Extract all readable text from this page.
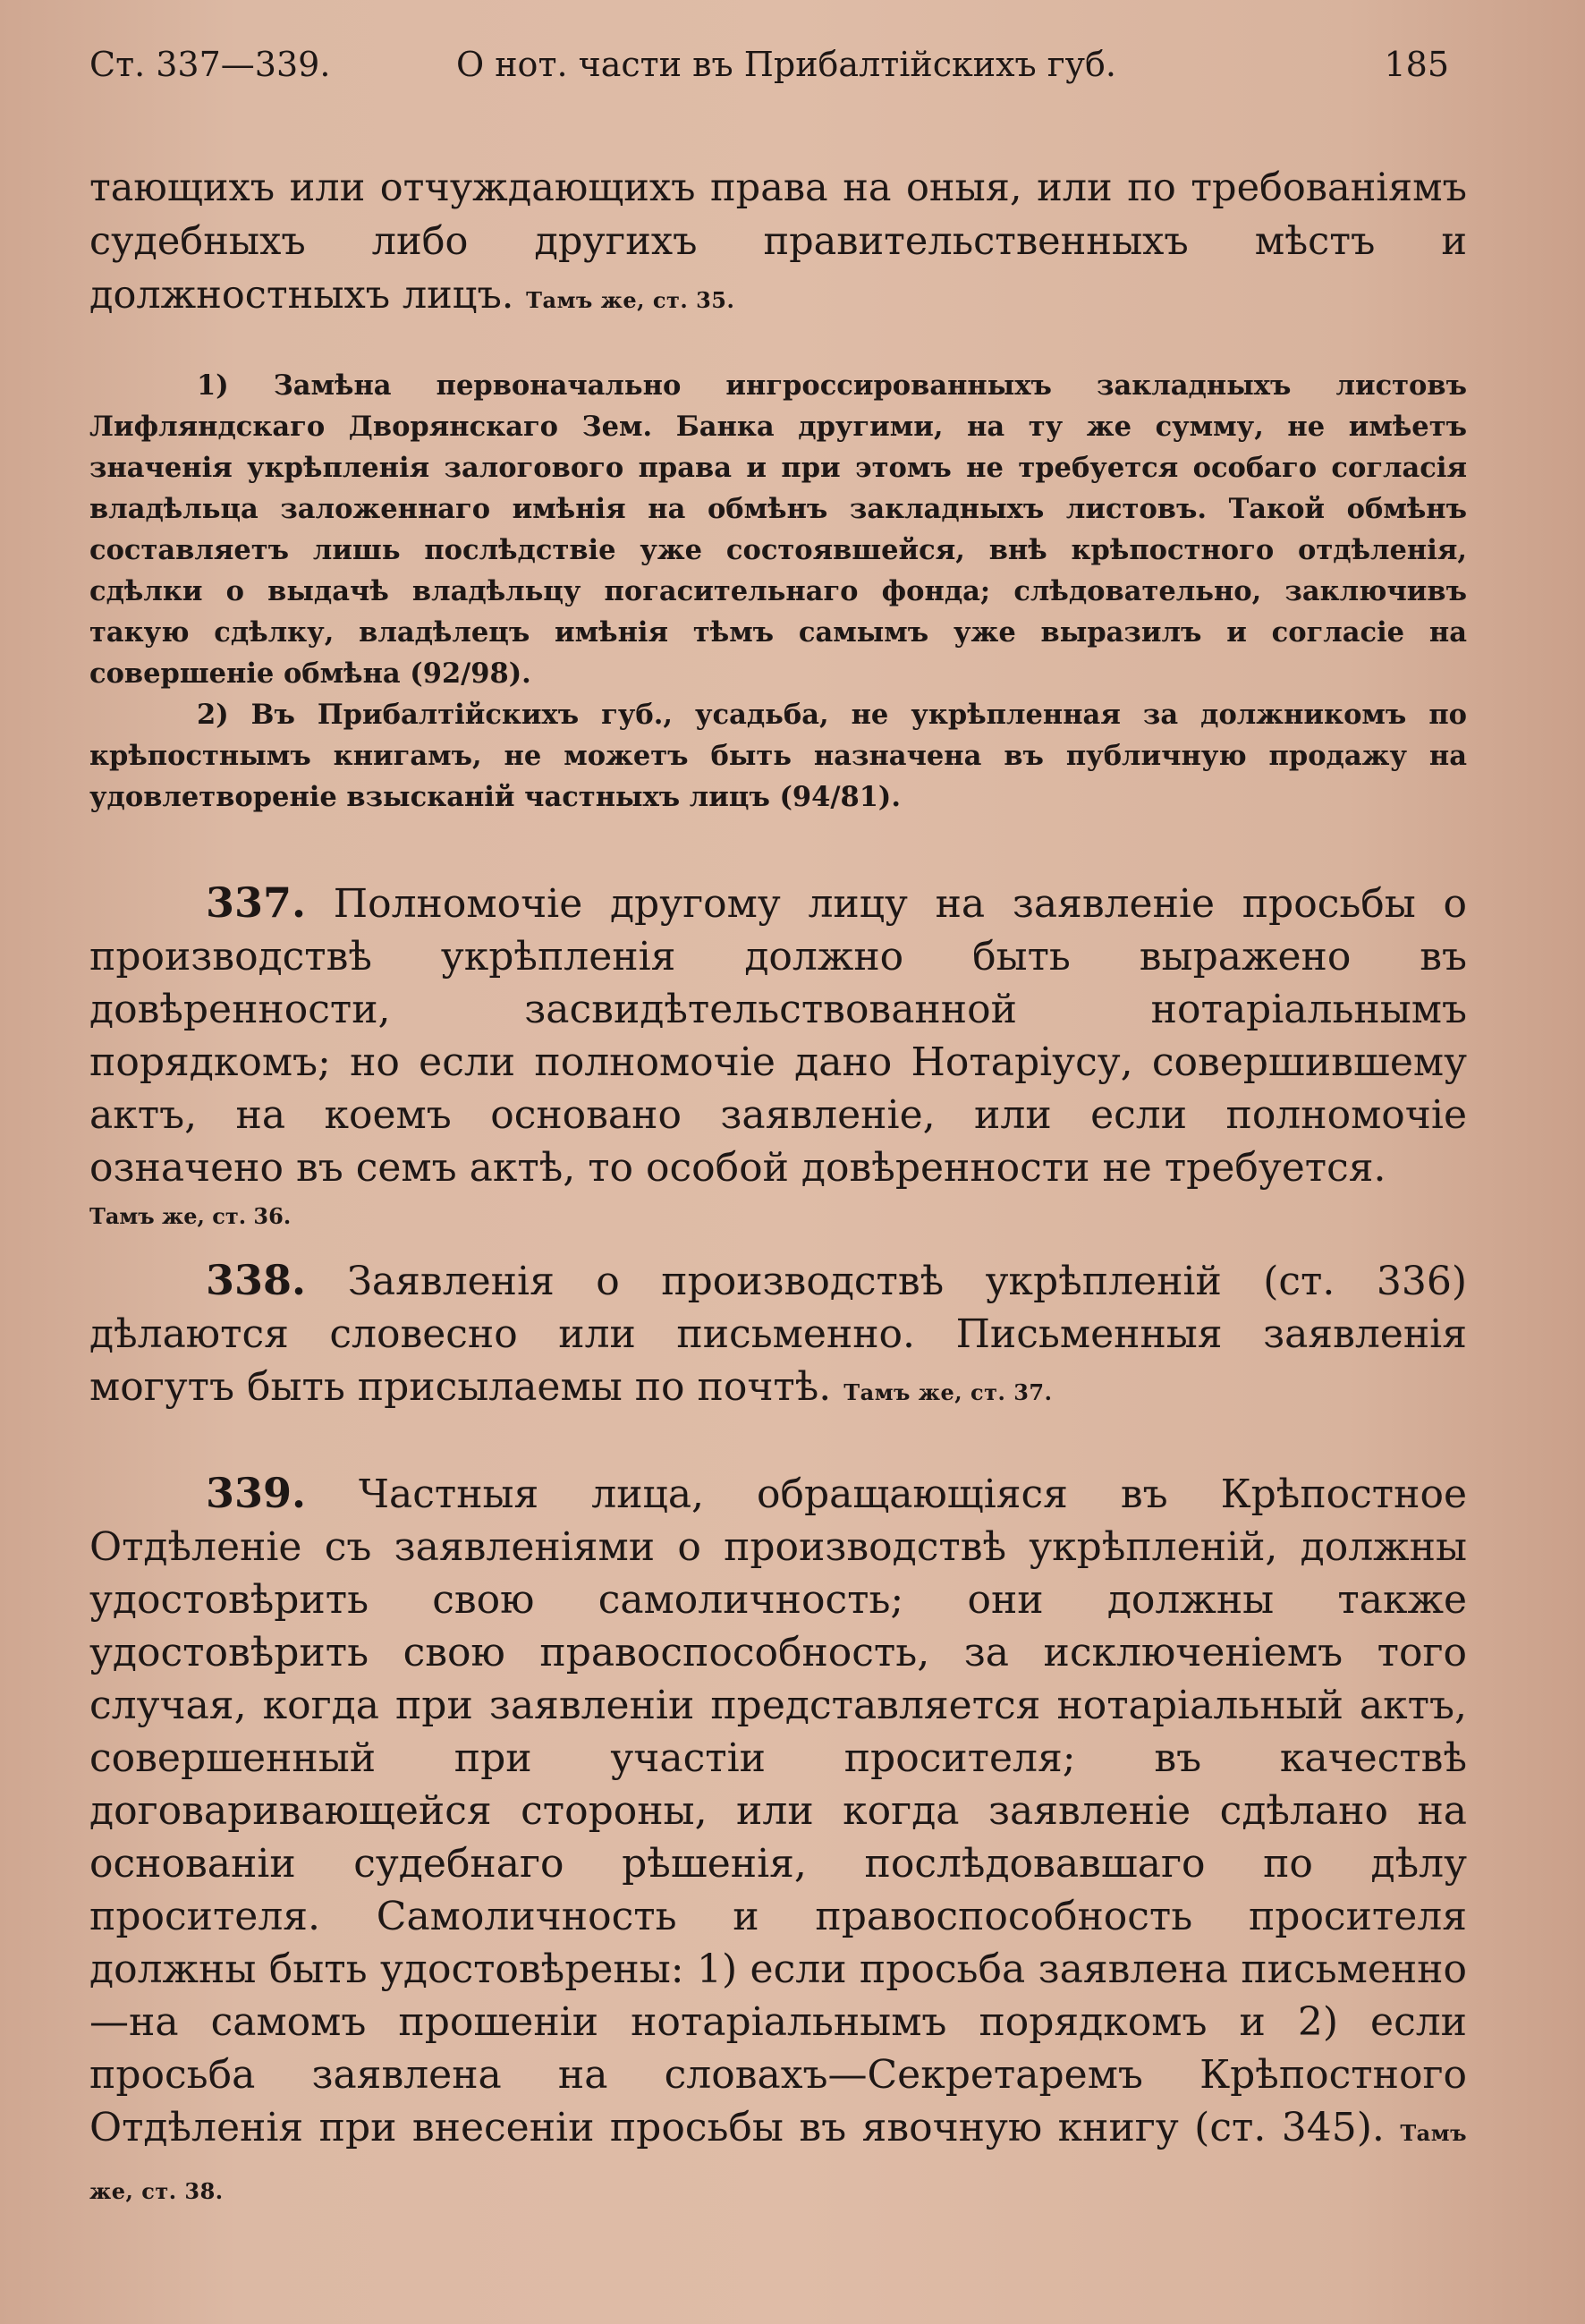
Ст. 337—339.	О нот. части въ Прибалтійскихъ губ.	185
тающихъ или отчуждающихъ права на оныя, или по требованіямъ судебныхъ либо другихъ правительственныхъ мѣстъ и должностныхъ лицъ. Тамъ же, ст. 35.

1) Замѣна первоначально ингроссированныхъ закладныхъ листовъ Лифляндскаго Дворянскаго Зем. Банка другими, на ту же сумму, не имѣетъ значенія укрѣпленія залогового права и при этомъ не требуется особаго согласія владѣльца заложеннаго имѣнія на обмѣнъ закладныхъ листовъ. Такой обмѣнъ составляетъ лишь послѣдствіе уже состоявшейся, внѣ крѣпостного отдѣленія, сдѣлки о выдачѣ владѣльцу погасительнаго фонда; слѣдовательно, заключивъ такую сдѣлку, владѣлецъ имѣнія тѣмъ самымъ уже выразилъ и согласіе на совершеніе обмѣна (92/98).

2) Въ Прибалтійскихъ губ., усадьба, не укрѣпленная за должникомъ по крѣпостнымъ книгамъ, не можетъ быть назначена въ публичную продажу на удовлетвореніе взысканій частныхъ лицъ (94/81).

337. Полномочіе другому лицу на заявленіе просьбы о производствѣ укрѣпленія должно быть выражено въ довѣренности, засвидѣтельствованной нотаріальнымъ порядкомъ; но если полномочіе дано Нотаріусу, совершившему актъ, на коемъ основано заявленіе, или если полномочіе означено въ семъ актѣ, то особой довѣренности не требуется.
Тамъ же, ст. 36.

338. Заявленія о производствѣ укрѣпленій (ст. 336) дѣлаются словесно или письменно. Письменныя заявленія могутъ быть присылаемы по почтѣ. Тамъ же, ст. 37.

339. Частныя лица, обращающіяся въ Крѣпостное Отдѣленіе съ заявленіями о производствѣ укрѣпленій, должны удостовѣрить свою самоличность; они должны также удостовѣрить свою правоспособность, за исключеніемъ того случая, когда при заявленіи представляется нотаріальный актъ, совершенный при участіи просителя; въ качествѣ договаривающейся стороны, или когда заявленіе сдѣлано на основаніи судебнаго рѣшенія, послѣдовавшаго по дѣлу просителя. Самоличность и правоспособность просителя должны быть удостовѣрены: 1) если просьба заявлена письменно—на самомъ прошеніи нотаріальнымъ порядкомъ и 2) если просьба заявлена на словахъ—Секретаремъ Крѣпостного Отдѣленія при внесеніи просьбы въ явочную книгу (ст. 345). Тамъ же, ст. 38.
